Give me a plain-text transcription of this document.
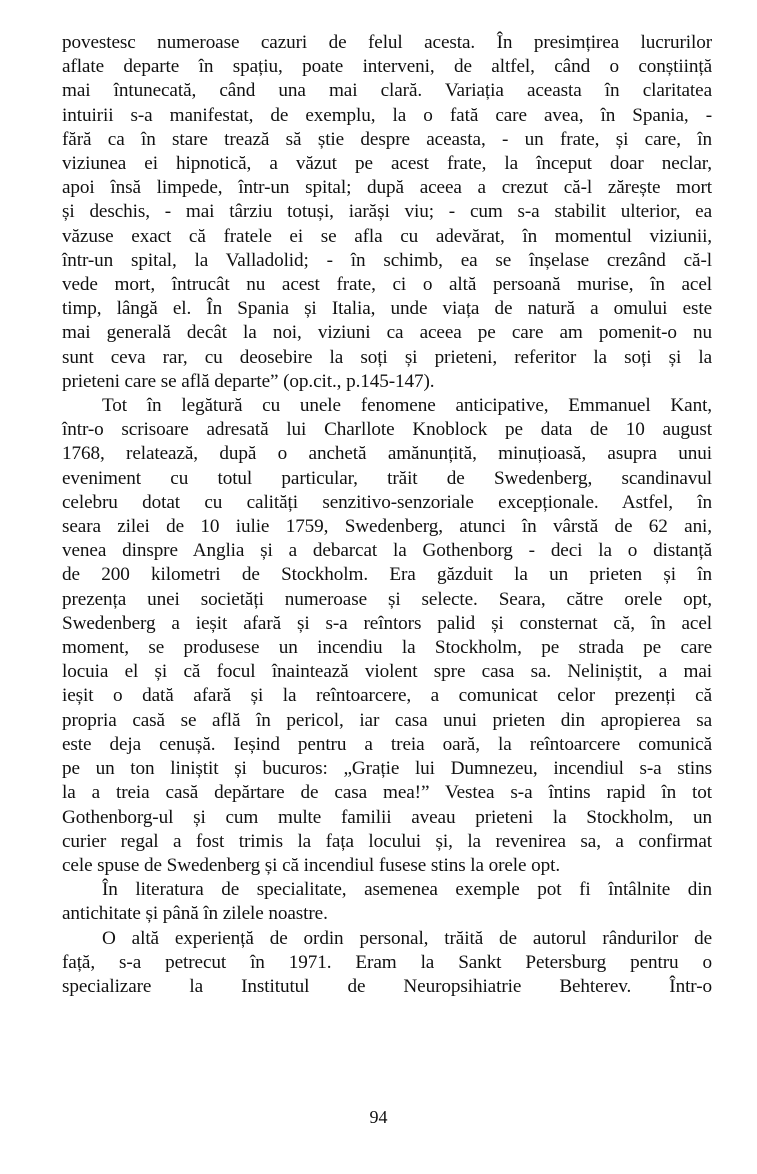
povestesc numeroase cazuri de felul acesta. În presimțirea lucrurilor
aflate departe în spațiu, poate interveni, de altfel, când o conștiință
mai întunecată, când una mai clară. Variația aceasta în claritatea
intuirii s-a manifestat, de exemplu, la o fată care avea, în Spania, -
fără ca în stare trează să știe despre aceasta, - un frate, și care, în
viziunea ei hipnotică, a văzut pe acest frate, la început doar neclar,
apoi însă limpede, într-un spital; după aceea a crezut că-l zărește mort
și deschis, - mai târziu totuși, iarăși viu; - cum s-a stabilit ulterior, ea
văzuse exact că fratele ei se afla cu adevărat, în momentul viziunii,
într-un spital, la Valladolid; - în schimb, ea se înșelase crezând că-l
vede mort, întrucât nu acest frate, ci o altă persoană murise, în acel
timp, lângă el. În Spania și Italia, unde viața de natură a omului este
mai generală decât la noi, viziuni ca aceea pe care am pomenit-o nu
sunt ceva rar, cu deosebire la soți și prieteni, referitor la soți și la
prieteni care se află departe” (op.cit., p.145-147).

Tot în legătură cu unele fenomene anticipative, Emmanuel Kant,
într-o scrisoare adresată lui Charllote Knoblock pe data de 10 august
1768, relatează, după o anchetă amănunțită, minuțioasă, asupra unui
eveniment cu totul particular, trăit de Swedenberg, scandinavul
celebru dotat cu calități senzitivo-senzoriale excepționale. Astfel, în
seara zilei de 10 iulie 1759, Swedenberg, atunci în vârstă de 62 ani,
venea dinspre Anglia și a debarcat la Gothenborg - deci la o distanță
de 200 kilometri de Stockholm. Era găzduit la un prieten și în
prezența unei societăți numeroase și selecte. Seara, către orele opt,
Swedenberg a ieșit afară și s-a reîntors palid și consternat că, în acel
moment, se produsese un incendiu la Stockholm, pe strada pe care
locuia el și că focul înaintează violent spre casa sa. Neliniștit, a mai
ieșit o dată afară și la reîntoarcere, a comunicat celor prezenți că
propria casă se află în pericol, iar casa unui prieten din apropierea sa
este deja cenușă. Ieșind pentru a treia oară, la reîntoarcere comunică
pe un ton liniștit și bucuros: „Grație lui Dumnezeu, incendiul s-a stins
la a treia casă depărtare de casa mea!” Vestea s-a întins rapid în tot
Gothenborg-ul și cum multe familii aveau prieteni la Stockholm, un
curier regal a fost trimis la fața locului și, la revenirea sa, a confirmat
cele spuse de Swedenberg și că incendiul fusese stins la orele opt.

În literatura de specialitate, asemenea exemple pot fi întâlnite din
antichitate și până în zilele noastre.

O altă experiență de ordin personal, trăită de autorul rândurilor de
față, s-a petrecut în 1971. Eram la Sankt Petersburg pentru o
specializare la Institutul de Neuropsihiatrie Behterev. Într-o

94
